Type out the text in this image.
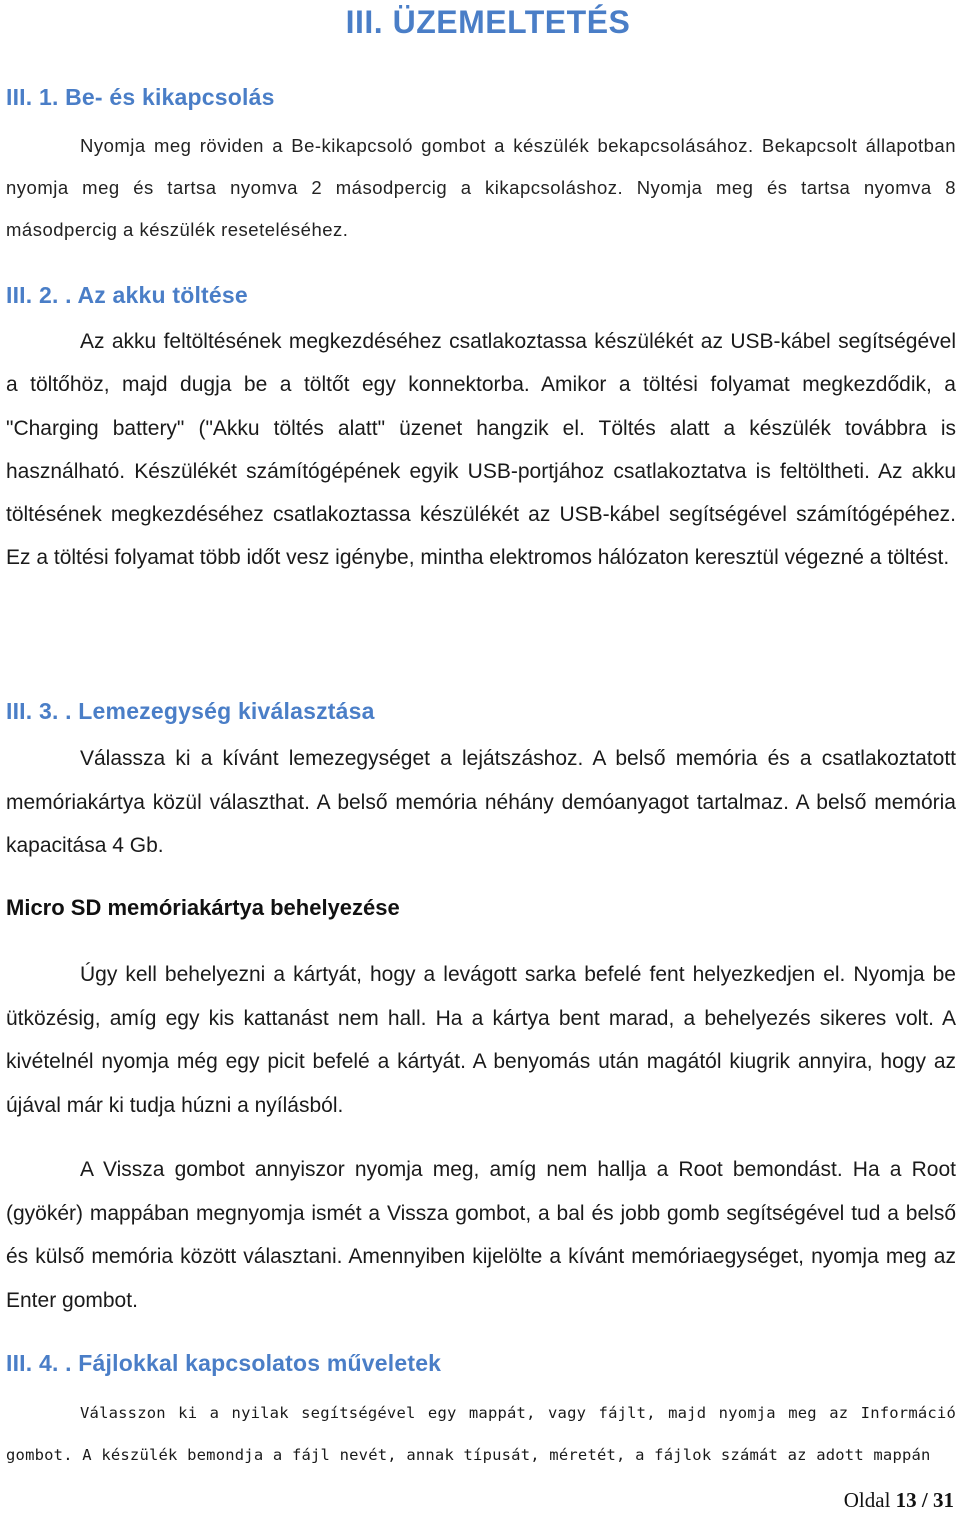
III. ÜZEMELTETÉS
III. 1. Be- és kikapcsolás

Nyomja meg röviden a Be-kikapcsoló gombot a készülék bekapcsolásához. Bekapcsolt állapotban nyomja meg és tartsa nyomva 2 másodpercig a kikapcsoláshoz. Nyomja meg és tartsa nyomva 8 másodpercig a készülék reseteléséhez.

III. 2. . Az akku töltése

Az akku feltöltésének megkezdéséhez csatlakoztassa készülékét az USB-kábel segítségével a töltőhöz, majd dugja be a töltőt egy konnektorba. Amikor a töltési folyamat megkezdődik, a "Charging battery" ("Akku töltés alatt" üzenet hangzik el. Töltés alatt a készülék továbbra is használható. Készülékét számítógépének egyik USB-portjához csatlakoztatva is feltöltheti. Az akku töltésének megkezdéséhez csatlakoztassa készülékét az USB-kábel segítségével számítógépéhez. Ez a töltési folyamat több időt vesz igénybe, mintha elektromos hálózaton keresztül végezné a töltést.

III. 3. . Lemezegység kiválasztása

Válassza ki a kívánt lemezegységet a lejátszáshoz. A belső memória és a csatlakoztatott memóriakártya közül választhat. A belső memória néhány demóanyagot tartalmaz. A belső memória kapacitása 4 Gb.

Micro SD memóriakártya behelyezése

Úgy kell behelyezni a kártyát, hogy a levágott sarka befelé fent helyezkedjen el. Nyomja be ütközésig, amíg egy kis kattanást nem hall. Ha a kártya bent marad, a behelyezés sikeres volt. A kivételnél nyomja még egy picit befelé a kártyát. A benyomás után magától kiugrik annyira, hogy az újával már ki tudja húzni a nyílásból.

A Vissza gombot annyiszor nyomja meg, amíg nem hallja a Root bemondást. Ha a Root (gyökér) mappában megnyomja ismét a Vissza gombot, a bal és jobb gomb segítségével tud a belső és külső memória között választani. Amennyiben kijelölte a kívánt memóriaegységet, nyomja meg az Enter gombot.

III. 4. . Fájlokkal kapcsolatos műveletek

Válasszon ki a nyilak segítségével egy mappát, vagy fájlt, majd nyomja meg az Információ gombot. A készülék bemondja a fájl nevét, annak típusát, méretét, a fájlok számát az adott mappán

Oldal 13 / 31
